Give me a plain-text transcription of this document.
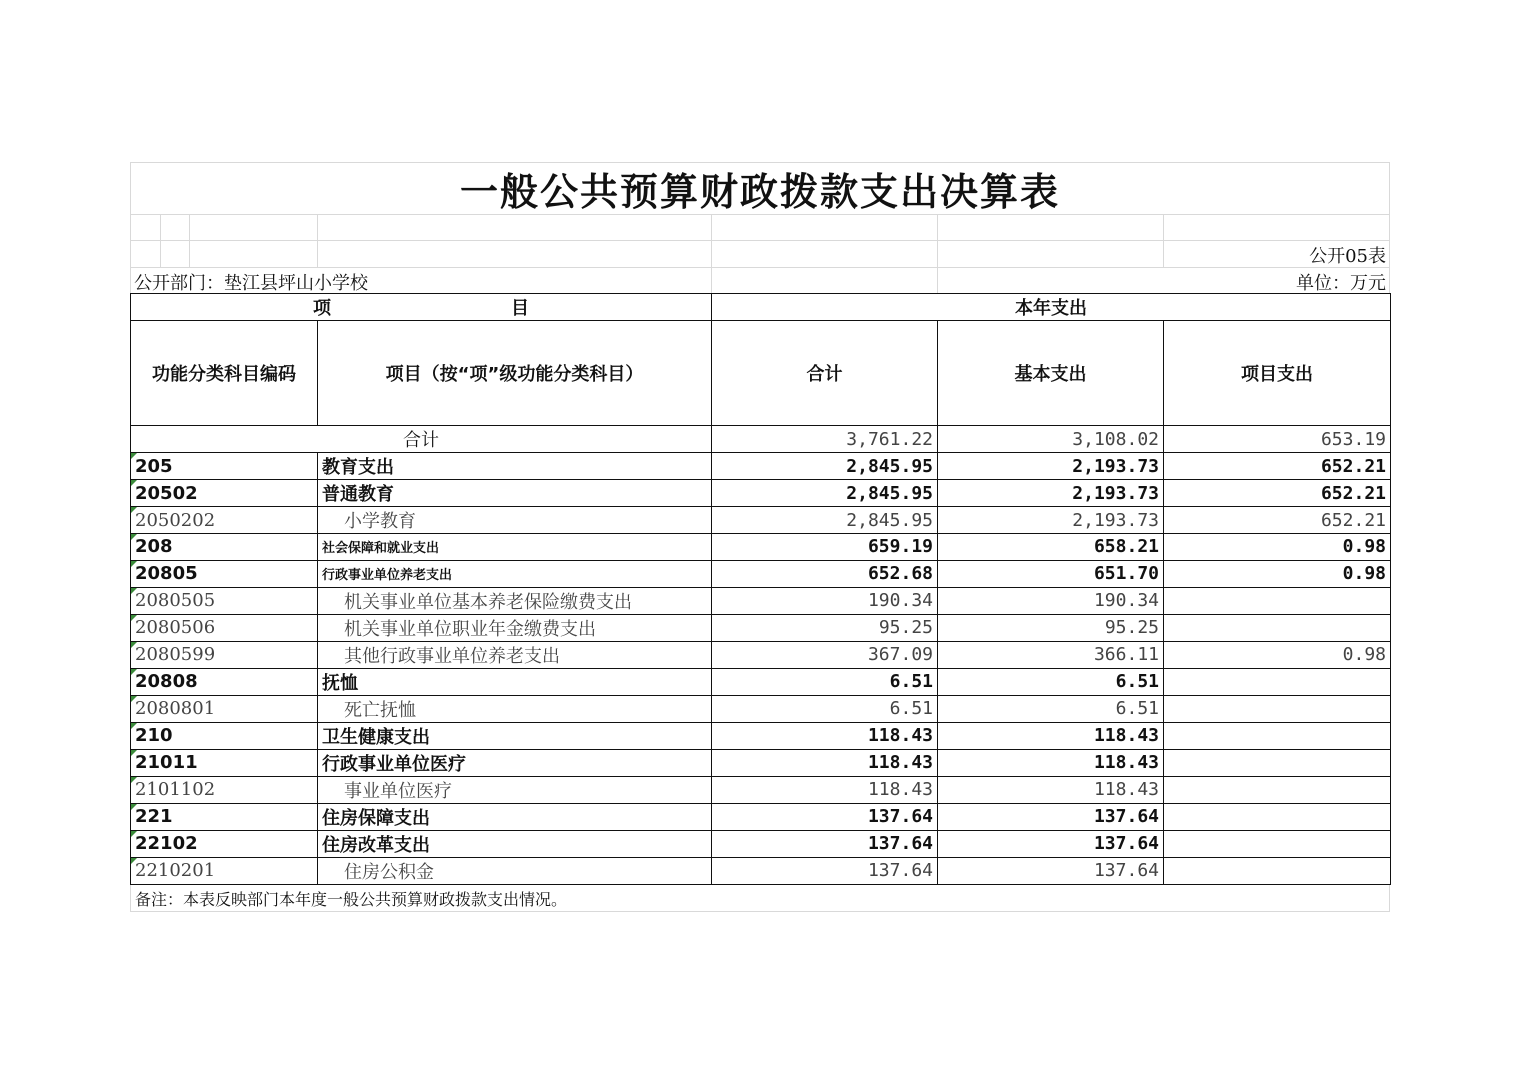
一般公共预算财政拨款支出决算表
公开05表
公开部门：垫江县坪山小学校	单位：万元
项　　　　　　　　　　目		本年支出		
功能分类科目编码	项目（按“项”级功能分类科目）	合计	基本支出	项目支出
合计		3,761.22	3,108.02	653.19
205	教育支出	2,845.95	2,193.73	652.21
20502	普通教育	2,845.95	2,193.73	652.21
2050202	小学教育	2,845.95	2,193.73	652.21
208	社会保障和就业支出	659.19	658.21	0.98
20805	行政事业单位养老支出	652.68	651.70	0.98
2080505	机关事业单位基本养老保险缴费支出	190.34	190.34	
2080506	机关事业单位职业年金缴费支出	95.25	95.25	
2080599	其他行政事业单位养老支出	367.09	366.11	0.98
20808	抚恤	6.51	6.51	
2080801	死亡抚恤	6.51	6.51	
210	卫生健康支出	118.43	118.43	
21011	行政事业单位医疗	118.43	118.43	
2101102	事业单位医疗	118.43	118.43	
221	住房保障支出	137.64	137.64	
22102	住房改革支出	137.64	137.64	
2210201	住房公积金	137.64	137.64	
备注：本表反映部门本年度一般公共预算财政拨款支出情况。
